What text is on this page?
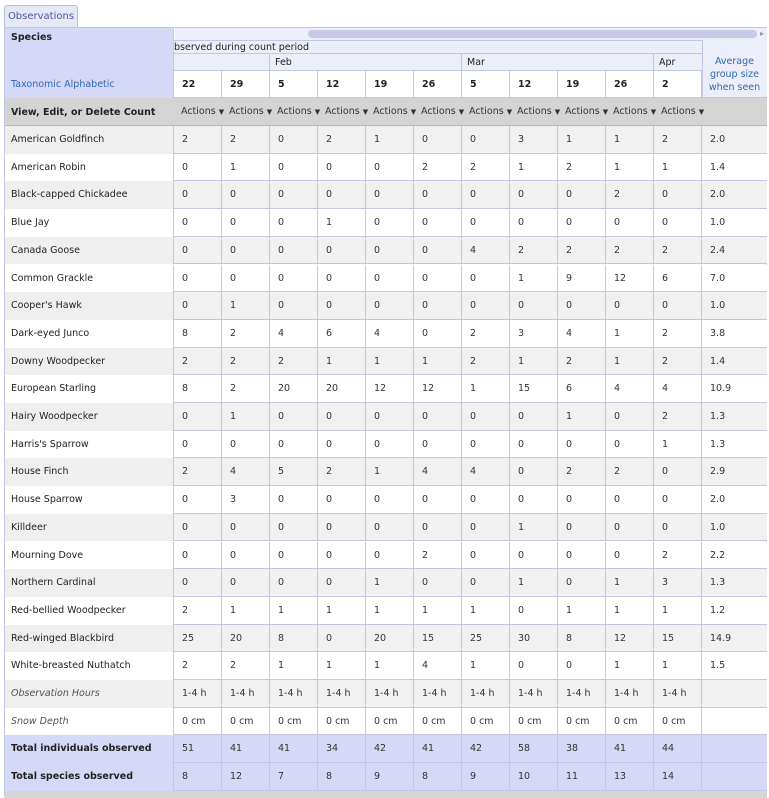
Observations
▸
Species
Taxonomic Alphabetic
bserved during count period
Feb	Mar	Apr
22	29	5	12	19	26	5	12	19	26	2
Average
group size
when seen
View, Edit, or Delete Count	Actions ▼ Actions ▼ Actions ▼ Actions ▼ Actions ▼ Actions ▼ Actions ▼ Actions ▼ Actions ▼ Actions ▼ Actions ▼
American Goldfinch	2	2	0	2	1	0	0	3	1	1	2	2.0
American Robin	0	1	0	0	0	2	2	1	2	1	1	1.4
Black-capped Chickadee	0	0	0	0	0	0	0	0	0	2	0	2.0
Blue Jay	0	0	0	1	0	0	0	0	0	0	0	1.0
Canada Goose	0	0	0	0	0	0	4	2	2	2	2	2.4
Common Grackle	0	0	0	0	0	0	0	1	9	12	6	7.0
Cooper's Hawk	0	1	0	0	0	0	0	0	0	0	0	1.0
Dark-eyed Junco	8	2	4	6	4	0	2	3	4	1	2	3.8
Downy Woodpecker	2	2	2	1	1	1	2	1	2	1	2	1.4
European Starling	8	2	20	20	12	12	1	15	6	4	4	10.9
Hairy Woodpecker	0	1	0	0	0	0	0	0	1	0	2	1.3
Harris's Sparrow	0	0	0	0	0	0	0	0	0	0	1	1.3
House Finch	2	4	5	2	1	4	4	0	2	2	0	2.9
House Sparrow	0	3	0	0	0	0	0	0	0	0	0	2.0
Killdeer	0	0	0	0	0	0	0	1	0	0	0	1.0
Mourning Dove	0	0	0	0	0	2	0	0	0	0	2	2.2
Northern Cardinal	0	0	0	0	1	0	0	1	0	1	3	1.3
Red-bellied Woodpecker	2	1	1	1	1	1	1	0	1	1	1	1.2
Red-winged Blackbird	25	20	8	0	20	15	25	30	8	12	15	14.9
White-breasted Nuthatch	2	2	1	1	1	4	1	0	0	1	1	1.5
Observation Hours	1-4 h	1-4 h	1-4 h	1-4 h	1-4 h	1-4 h	1-4 h	1-4 h	1-4 h	1-4 h	1-4 h
Snow Depth	0 cm	0 cm	0 cm	0 cm	0 cm	0 cm	0 cm	0 cm	0 cm	0 cm	0 cm
Total individuals observed	51	41	41	34	42	41	42	58	38	41	44
Total species observed	8	12	7	8	9	8	9	10	11	13	14
